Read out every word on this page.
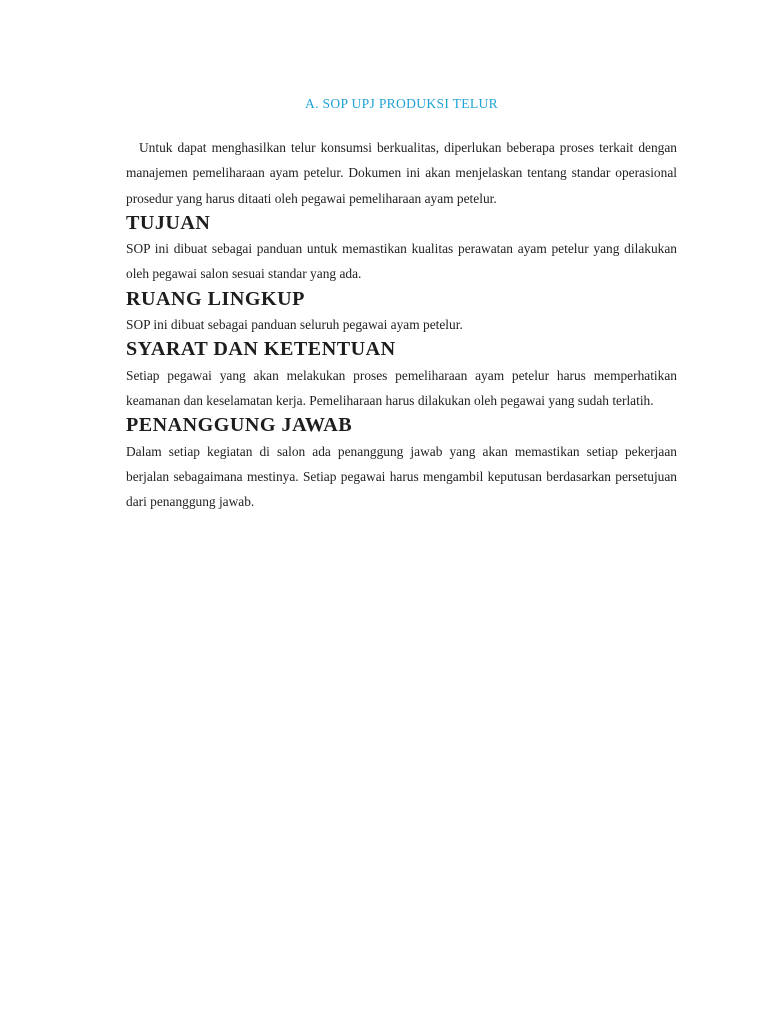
A. SOP UPJ PRODUKSI TELUR

Untuk dapat menghasilkan telur konsumsi berkualitas, diperlukan beberapa proses terkait dengan manajemen pemeliharaan ayam petelur. Dokumen ini akan menjelaskan tentang standar operasional prosedur yang harus ditaati oleh pegawai pemeliharaan ayam petelur.

TUJUAN

SOP ini dibuat sebagai panduan untuk memastikan kualitas perawatan ayam petelur yang dilakukan oleh pegawai salon sesuai standar yang ada.

RUANG LINGKUP

SOP ini dibuat sebagai panduan seluruh pegawai ayam petelur.

SYARAT DAN KETENTUAN

Setiap pegawai yang akan melakukan proses pemeliharaan ayam petelur harus memperhatikan keamanan dan keselamatan kerja. Pemeliharaan harus dilakukan oleh pegawai yang sudah terlatih.

PENANGGUNG JAWAB

Dalam setiap kegiatan di salon ada penanggung jawab yang akan memastikan setiap pekerjaan berjalan sebagaimana mestinya. Setiap pegawai harus mengambil keputusan berdasarkan persetujuan dari penanggung jawab.
